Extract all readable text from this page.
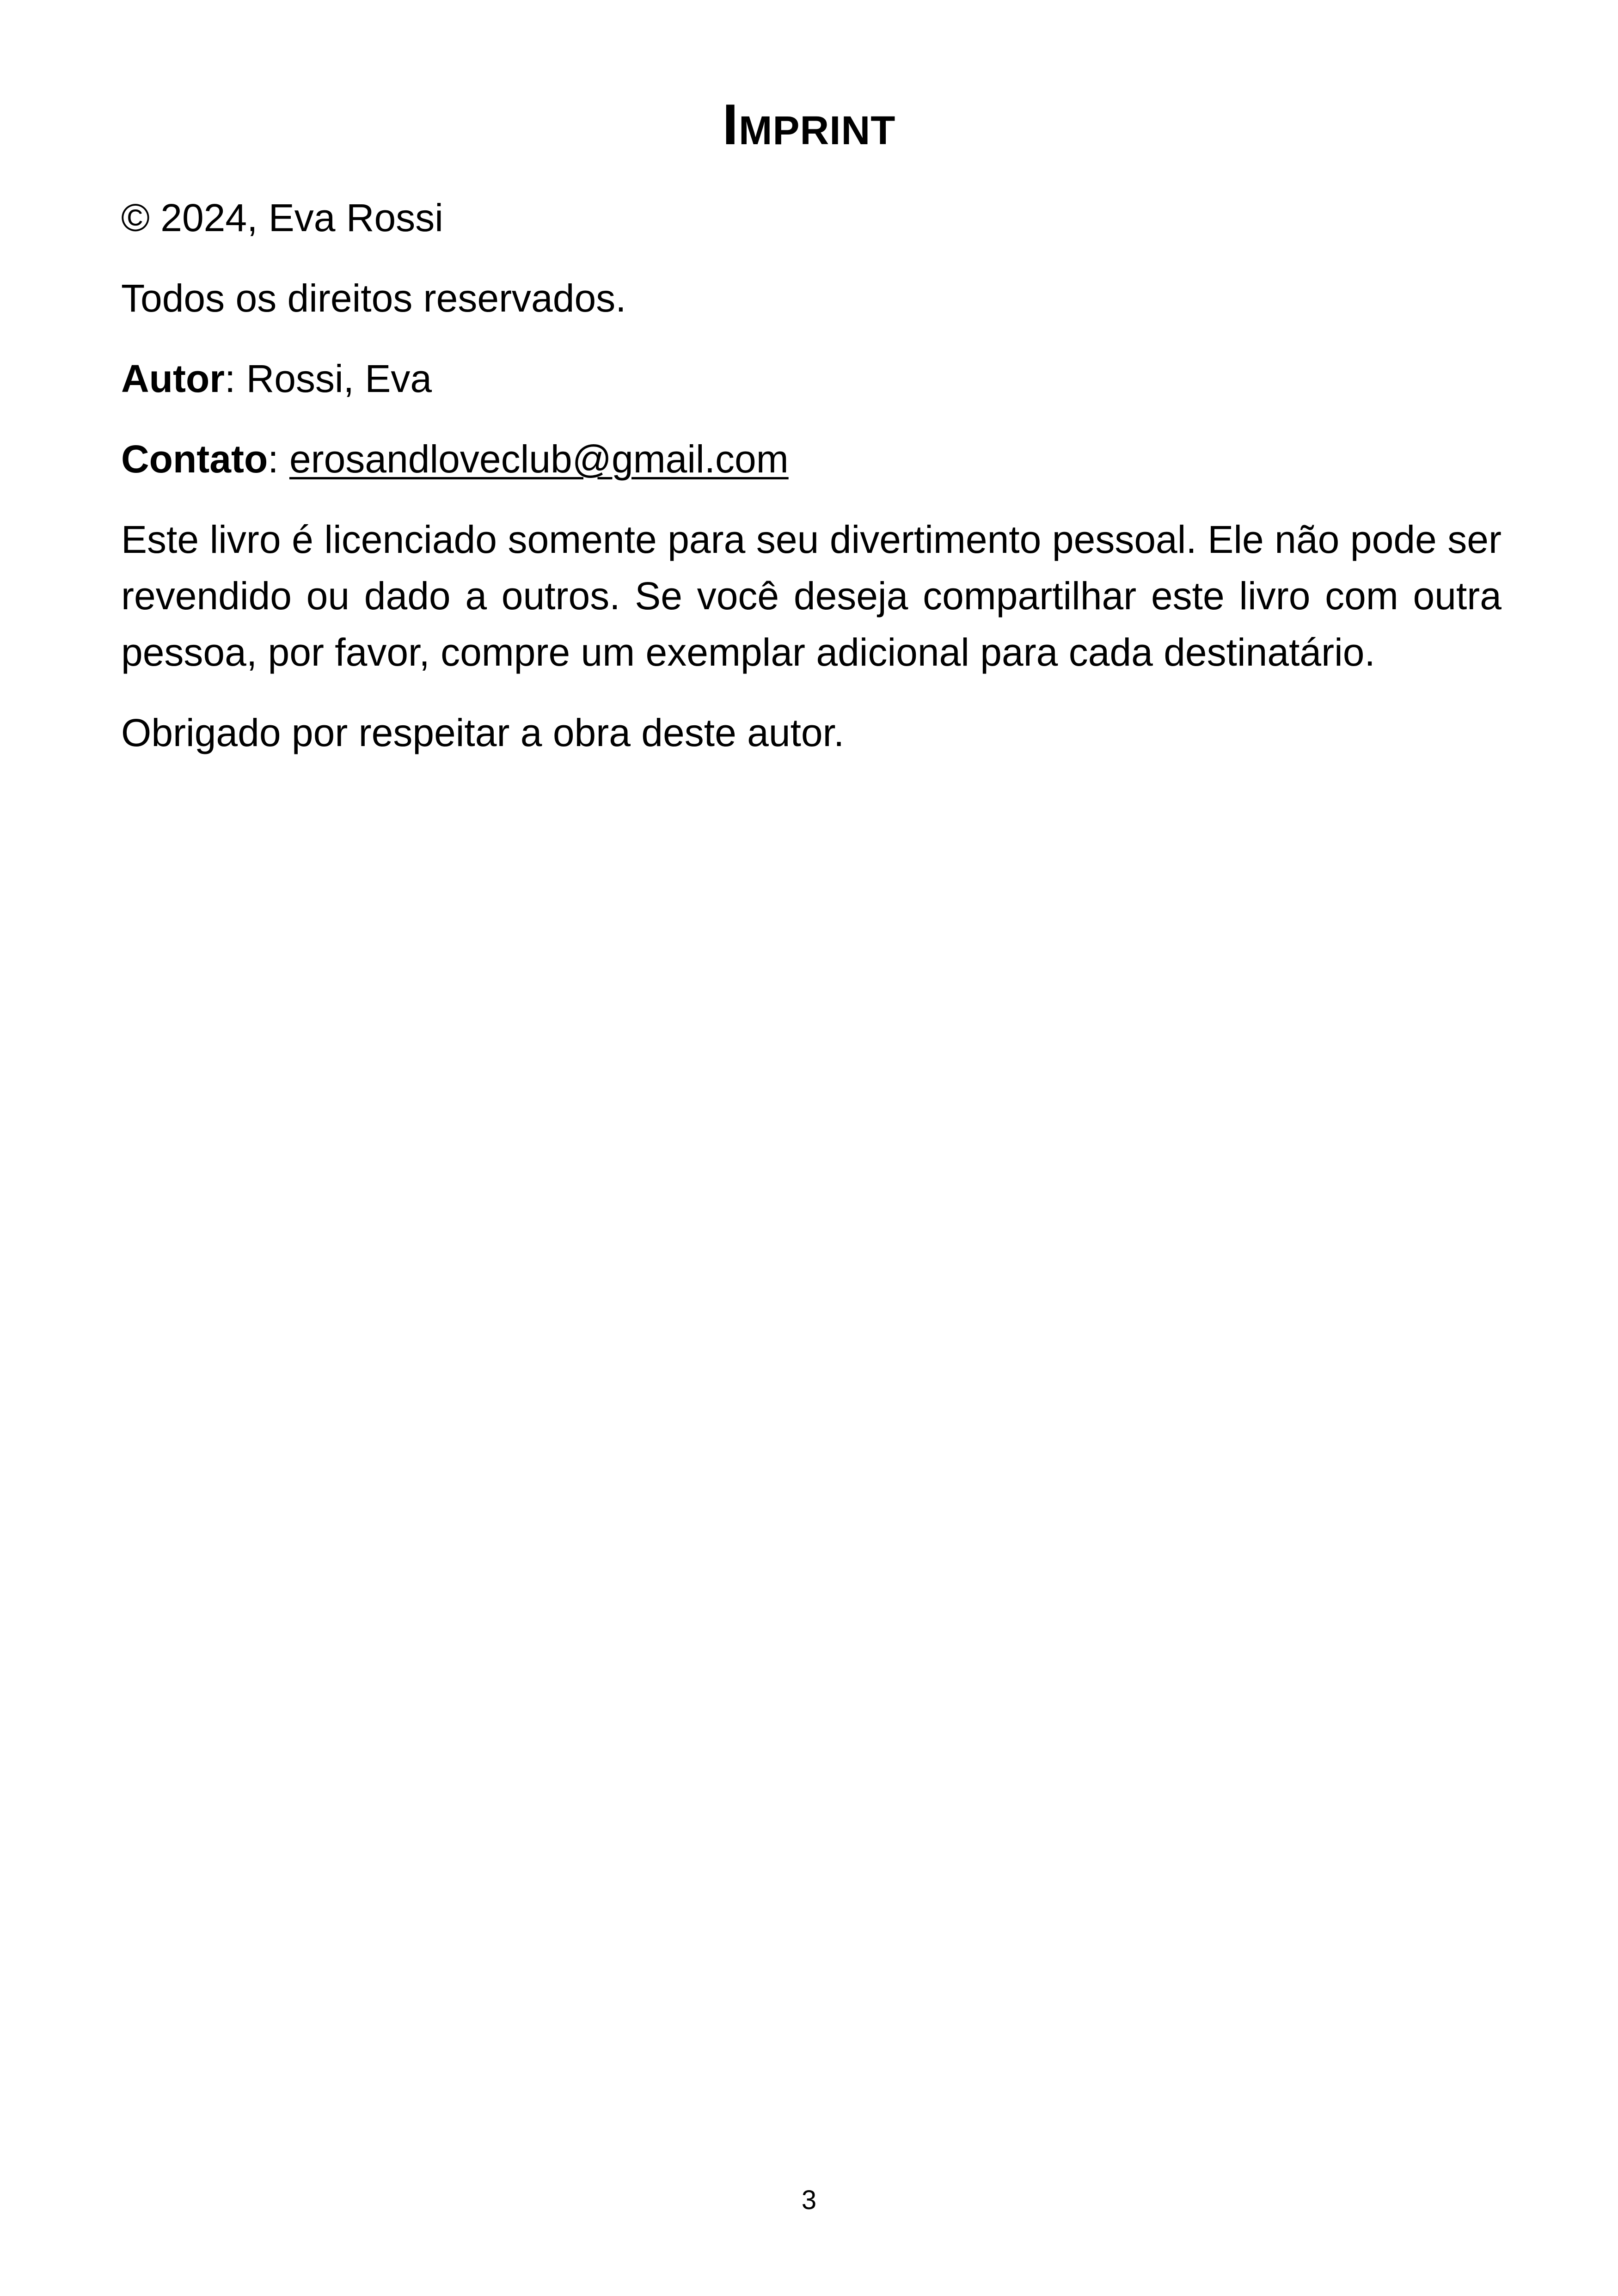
Imprint

© 2024, Eva Rossi

Todos os direitos reservados.

Autor: Rossi, Eva

Contato: erosandloveclub@gmail.com

Este livro é licenciado somente para seu divertimento pessoal. Ele não pode ser revendido ou dado a outros. Se você deseja compartilhar este livro com outra pessoa, por favor, compre um exemplar adicional para cada destinatário.

Obrigado por respeitar a obra deste autor.

3
